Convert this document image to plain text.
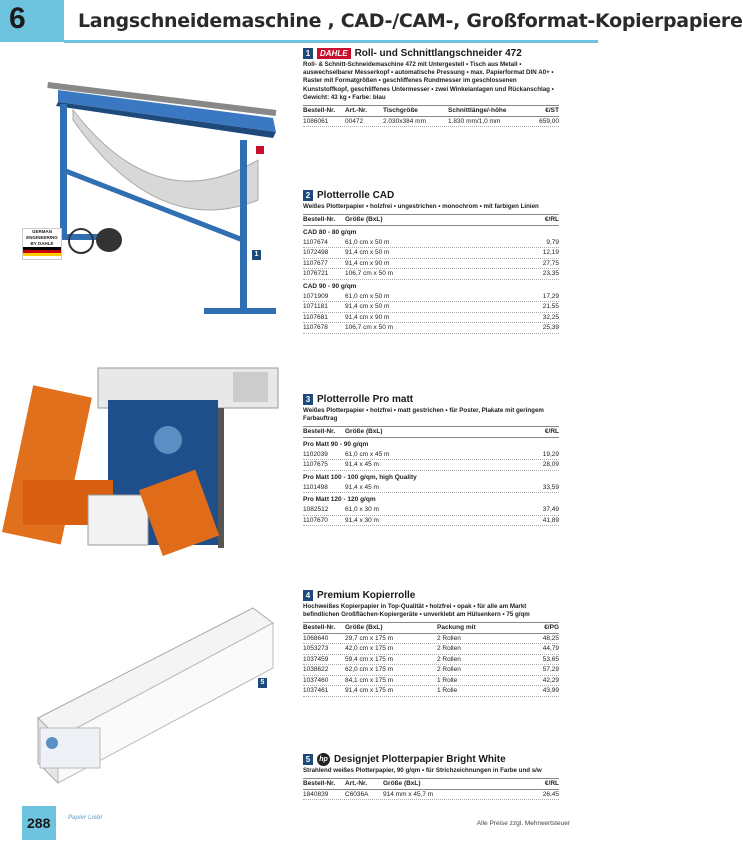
6	Langschneidemaschine , CAD-/CAM-, Großformat-Kopierpapiere
1
GERMAN
ENGINEERING
BY DAHLE
5
1	DAHLE Roll- und Schnittlangschneider 472
Roll- & Schnitt-Schneidemaschine 472 mit Untergestell • Tisch aus Metall • auswechselbarer Messerkopf • automatische Pressung • max. Papierformat DIN A0+ • Raster mit Formatgrößen • geschliffenes Rundmesser im geschlossenen Kunststoffkopf, geschliffenes Untermesser • zwei Winkelanlagen und Rückanschlag • Gewicht: 43 kg • Farbe: blau
Bestell-Nr.	Art.-Nr.	Tischgröße	Schnittlänge/-höhe	€/ST
1086061	00472	2.030x384 mm	1.830 mm/1,0 mm	659,00
2 Plotterrolle CAD
Weißes Plotterpapier • holzfrei • ungestrichen • monochrom • mit farbigen Linien
Bestell-Nr.	Größe (BxL)	€/RL
CAD 80 - 80 g/qm
1107674	61,0 cm x 50 m	9,79
1072498	91,4 cm x 50 m	12,19
1107677	91,4 cm x 90 m	27,75
1076721	106,7 cm x 50 m	23,35
CAD 90 - 90 g/qm
1071909	61,0 cm x 50 m	17,29
1071181	91,4 cm x 50 m	21,55
1107681	91,4 cm x 90 m	32,25
1107678	106,7 cm x 50 m	25,39
3 Plotterrolle Pro matt
Weißes Plotterpapier • holzfrei • matt gestrichen • für Poster, Plakate mit geringem Farbauftrag
Bestell-Nr.	Größe (BxL)	€/RL
Pro Matt 90 - 90 g/qm
1102039	61,0 cm x 45 m	19,29
1107675	91,4 x 45 m	28,09
Pro Matt 100 - 100 g/qm, high Quality
1101498	91,4 x 45 m	33,59
Pro Matt 120 - 120 g/qm
1082512	61,0 x 30 m	37,49
1107670	91,4 x 30 m	41,89
4 Premium Kopierrolle
Hochweißes Kopierpapier in Top-Qualität • holzfrei • opak • für alle am Markt befindlichen Großflächen-Kopiergeräte • unverklebt am Hülsenkern • 75 g/qm
Bestell-Nr.	Größe (BxL)	Packung mit	€/PG
1068640	29,7 cm x 175 m	2 Rollen	48,25
1053273	42,0 cm x 175 m	2 Rollen	44,79
1037459	59,4 cm x 175 m	2 Rollen	53,65
1038622	62,0 cm x 175 m	2 Rollen	57,29
1037460	84,1 cm x 175 m	1 Rolle	42,29
1037461	91,4 cm x 175 m	1 Rolle	43,99
5	hp Designjet Plotterpapier Bright White
Strahlend weißes Plotterpapier, 90 g/qm • für Strichzeichnungen in Farbe und s/w
Bestell-Nr.	Art.-Nr.	Größe (BxL)	€/RL
1840839	C6036A	914 mm x 45,7 m	26,45
288	Papier Liebl
Alle Preise zzgl. Mehrwertsteuer
